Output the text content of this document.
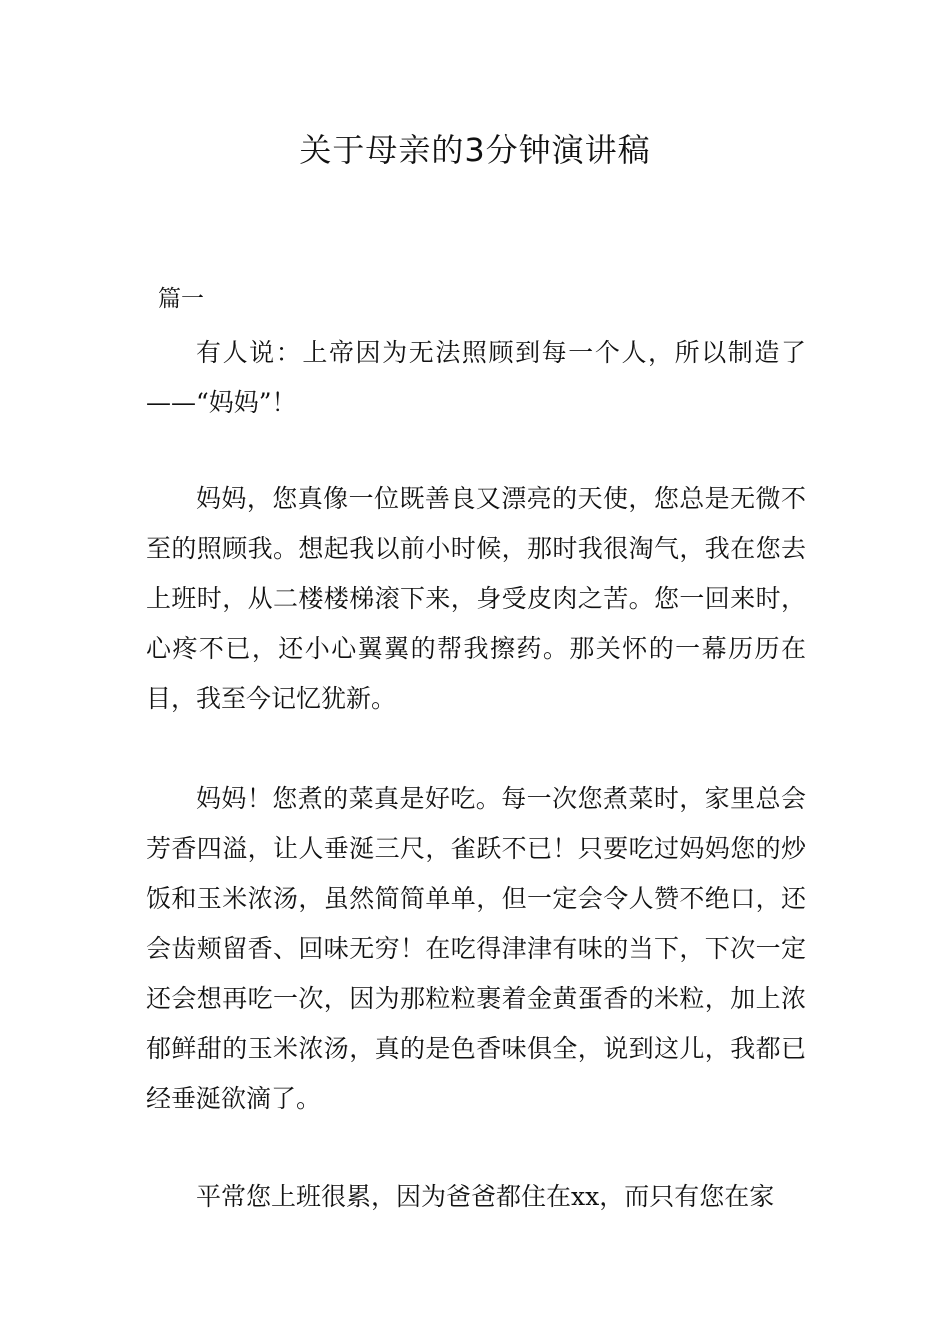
关于母亲的3分钟演讲稿

篇一

有人说：上帝因为无法照顾到每一个人，所以制造了——“妈妈”！

妈妈，您真像一位既善良又漂亮的天使，您总是无微不至的照顾我。想起我以前小时候，那时我很淘气，我在您去上班时，从二楼楼梯滚下来，身受皮肉之苦。您一回来时，心疼不已，还小心翼翼的帮我擦药。那关怀的一幕历历在目，我至今记忆犹新。

妈妈！您煮的菜真是好吃。每一次您煮菜时，家里总会芳香四溢，让人垂涎三尺，雀跃不已！只要吃过妈妈您的炒饭和玉米浓汤，虽然简简单单，但一定会令人赞不绝口，还会齿颊留香、回味无穷！在吃得津津有味的当下，下次一定还会想再吃一次，因为那粒粒裹着金黄蛋香的米粒，加上浓郁鲜甜的玉米浓汤，真的是色香味俱全，说到这儿，我都已经垂涎欲滴了。

平常您上班很累，因为爸爸都住在xx，而只有您在家
